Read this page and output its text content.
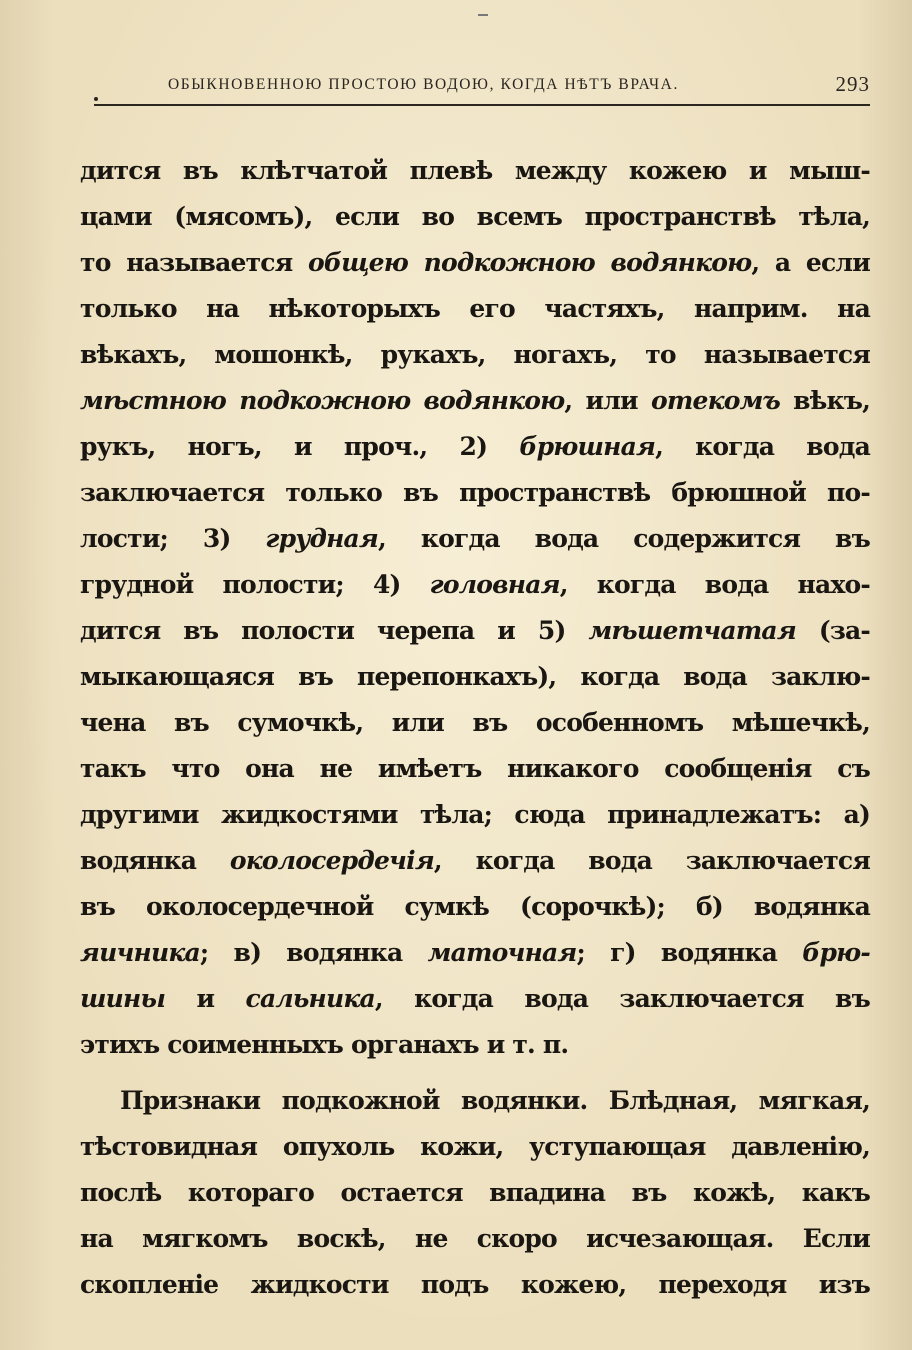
ОБЫКНОВЕННОЮ ПРОСТОЮ ВОДОЮ, КОГДА НѢТЪ ВРАЧА.	293
дится въ клѣтчатой плевѣ между кожею и мыш-
цами (мясомъ), если во всемъ пространствѣ тѣла,
то называется общею подкожною водянкою, а если
только на нѣкоторыхъ его частяхъ, наприм. на
вѣкахъ, мошонкѣ, рукахъ, ногахъ, то называется
мѣстною подкожною водянкою, или отекомъ вѣкъ,
рукъ, ногъ, и проч., 2) брюшная, когда вода
заключается только въ пространствѣ брюшной по-
лости; 3) грудная, когда вода содержится въ
грудной полости; 4) головная, когда вода нахо-
дится въ полости черепа и 5) мѣшетчатая (за-
мыкающаяся въ перепонкахъ), когда вода заклю-
чена въ сумочкѣ, или въ особенномъ мѣшечкѣ,
такъ что она не имѣетъ никакого сообщенія съ
другими жидкостями тѣла; сюда принадлежатъ: а)
водянка околосердечія, когда вода заключается
въ околосердечной сумкѣ (сорочкѣ); б) водянка
яичника; в) водянка маточная; г) водянка брю-
шины и сальника, когда вода заключается въ
этихъ соименныхъ органахъ и т. п.
Признаки подкожной водянки. Блѣдная, мягкая,
тѣстовидная опухоль кожи, уступающая давленію,
послѣ котораго остается впадина въ кожѣ, какъ
на мягкомъ воскѣ, не скоро исчезающая. Если
скопленіе жидкости подъ кожею, переходя изъ
